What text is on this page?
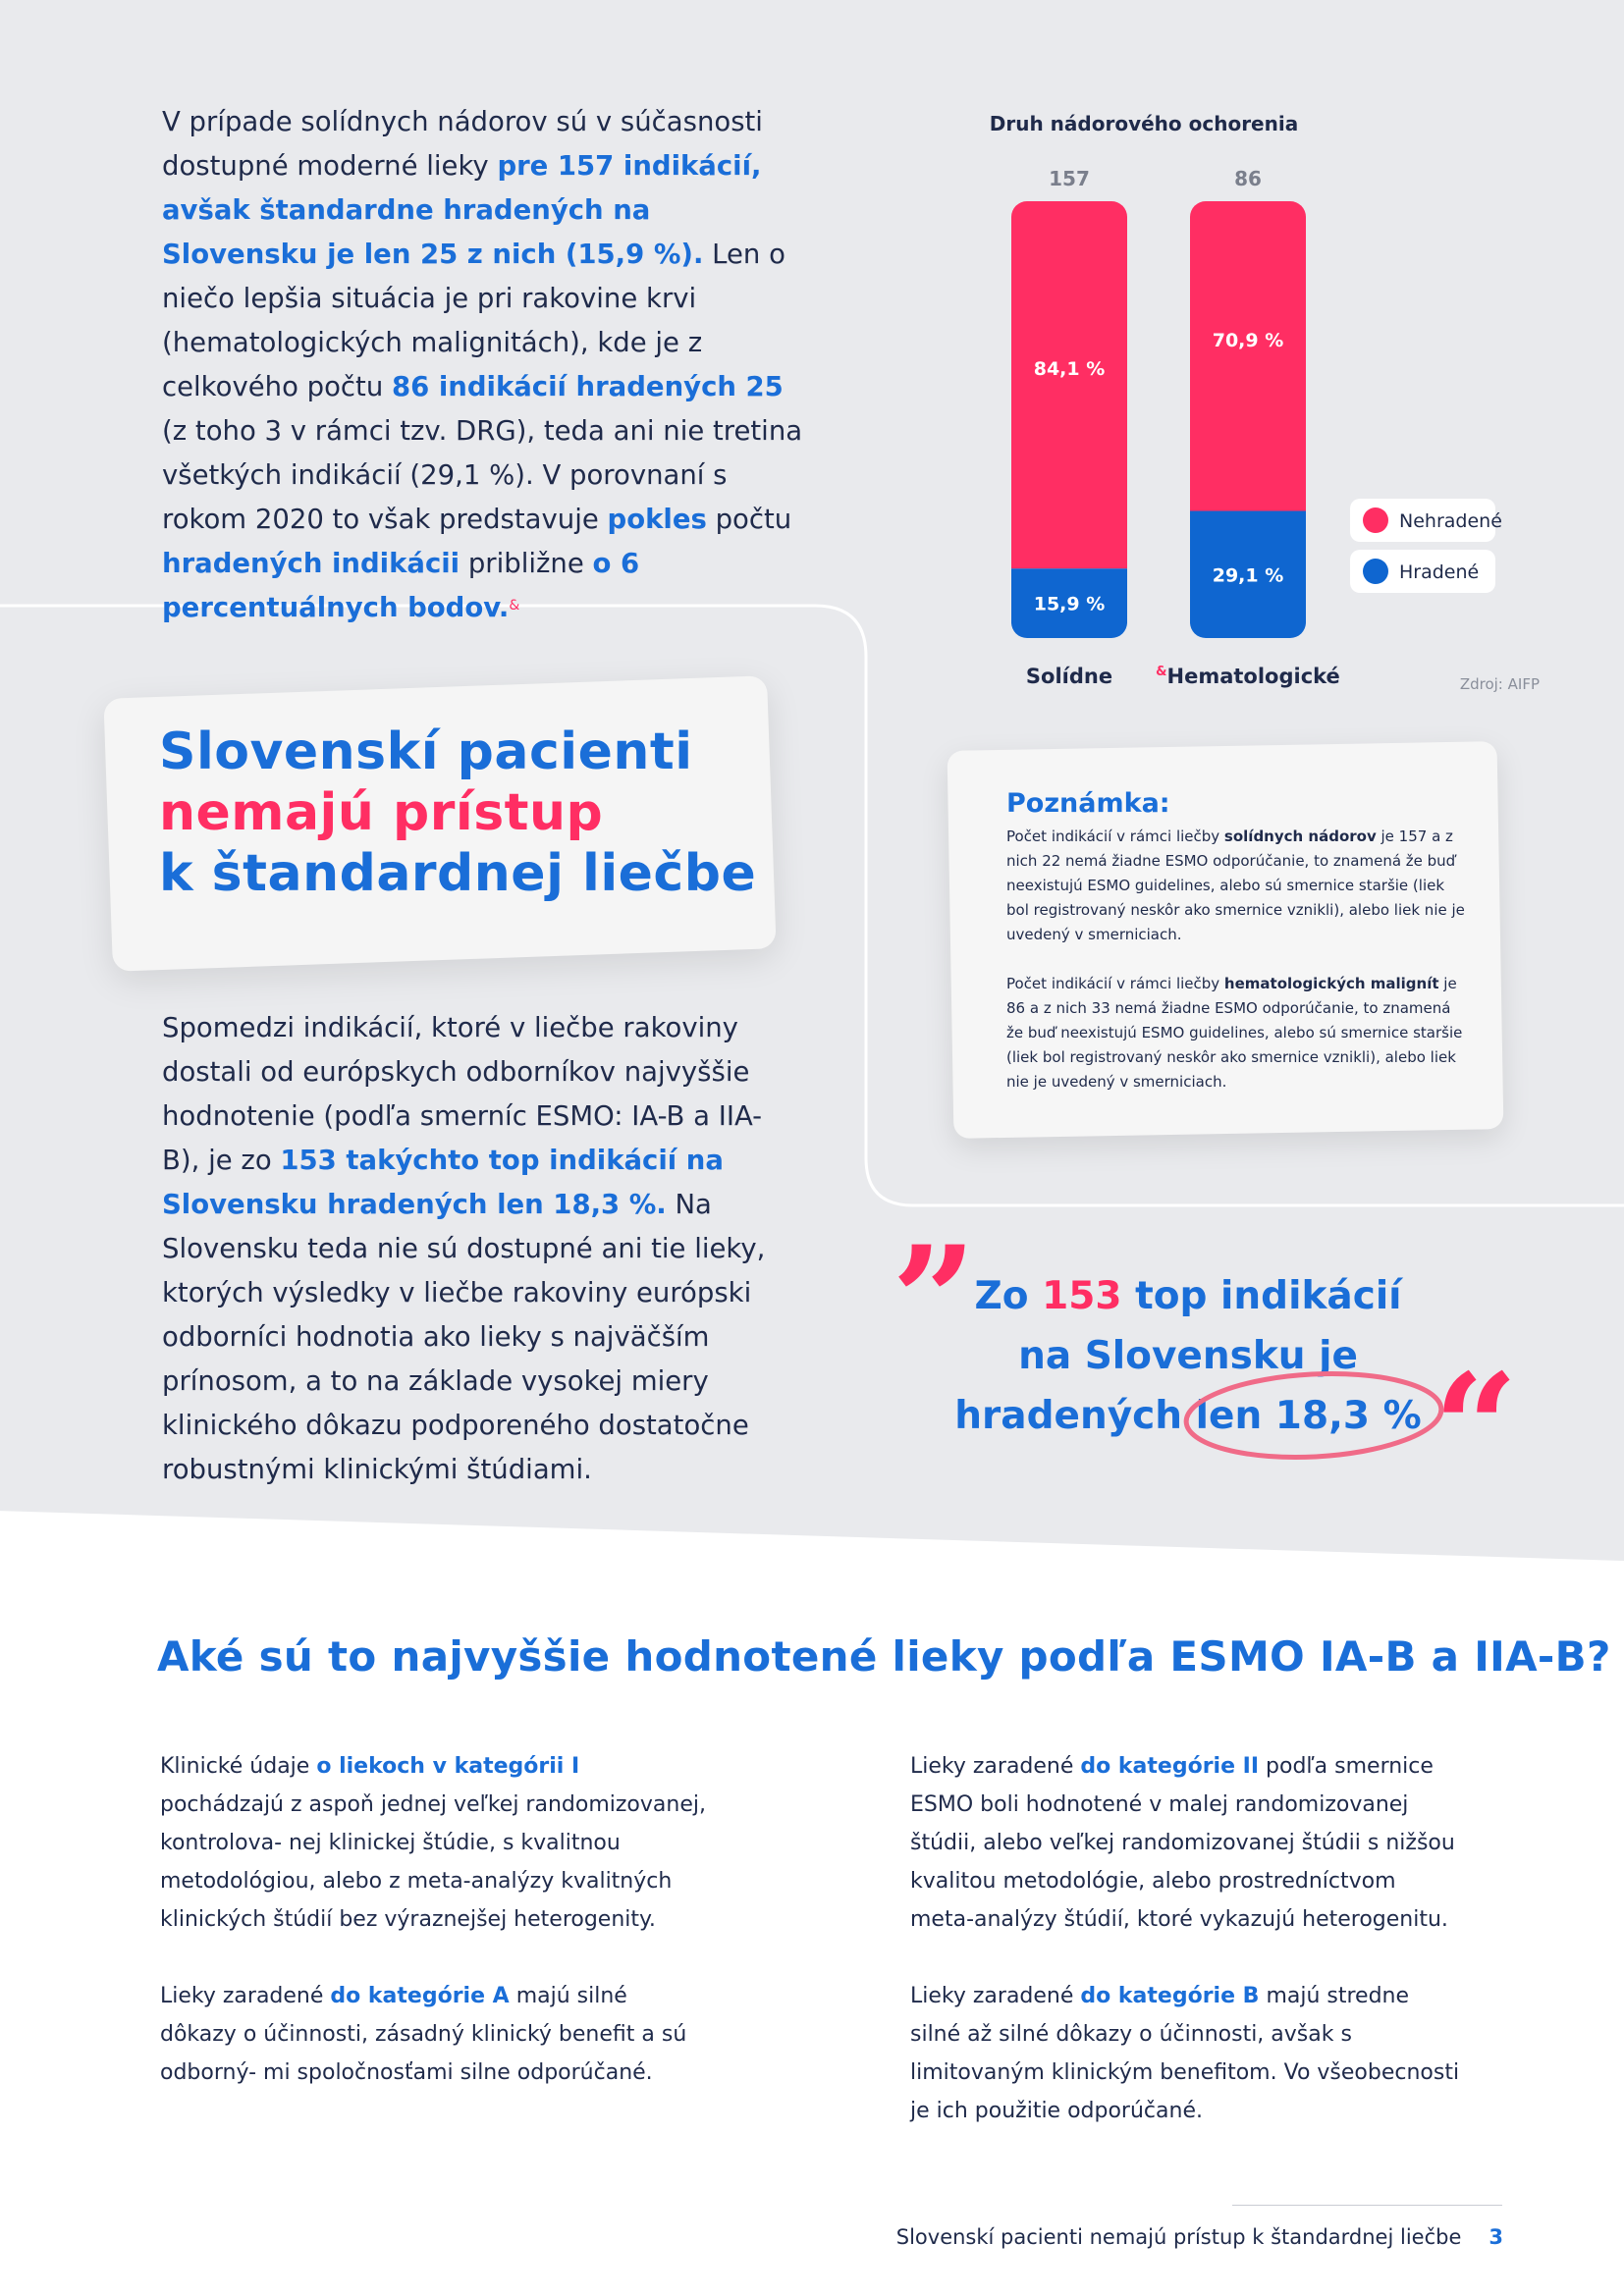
V prípade solídnych nádorov sú v súčasnosti dostupné moderné lieky pre 157 indikácií, avšak štandardne hradených na Slovensku je len 25 z nich (15,9 %). Len o niečo lepšia situácia je pri rakovine krvi (hematologických malignitách), kde je z celkového počtu 86 indikácií hradených 25 (z toho 3 v rámci tzv. DRG), teda ani nie tretina všetkých indikácií (29,1 %). V porovnaní s rokom 2020 to však predstavuje pokles počtu hradených indikácii približne o 6 percentuálnych bodov.&

Druh nádorového ochorenia
157
84,1 %
15,9 %
Solídne
86
70,9 %
29,1 %
&Hematologické
Nehradené
Hradené
Zdroj: AIFP
Slovenskí pacienti
nemajú prístup
k štandardnej liečbe

Spomedzi indikácií, ktoré v liečbe rakoviny dostali od európskych odborníkov najvyššie hodnotenie (podľa smerníc ESMO: IA-B a IIA-B), je zo 153 takýchto top indikácií na Slovensku hradených len 18,3 %. Na Slovensku teda nie sú dostupné ani tie lieky, ktorých výsledky v liečbe rakoviny európski odborníci hodnotia ako lieky s najväčším prínosom, a to na základe vysokej miery klinického dôkazu podporeného dostatočne robustnými klinickými štúdiami.

Poznámka:
Počet indikácií v rámci liečby solídnych nádorov je 157 a z nich 22 nemá žiadne ESMO odporúčanie, to znamená že buď neexistujú ESMO guidelines, alebo sú smernice staršie (liek bol registrovaný neskôr ako smernice vznikli), alebo liek nie je uvedený v smerniciach.
Počet indikácií v rámci liečby hematologických malignít je 86 a z nich 33 nemá žiadne ESMO odporúčanie, to znamená že buď neexistujú ESMO guidelines, alebo sú smernice staršie (liek bol registrovaný neskôr ako smernice vznikli), alebo liek nie je uvedený v smerniciach.
”
Zo 153 top indikácií na Slovensku je hradených len 18,3 % “
Aké sú to najvyššie hodnotené lieky podľa ESMO IA-B a IIA-B?
Klinické údaje o liekoch v kategórii I pochádzajú z aspoň jednej veľkej randomizovanej, kontrolova- nej klinickej štúdie, s kvalitnou metodológiou, alebo z meta-analýzy kvalitných klinických štúdií bez výraznejšej heterogenity.
Lieky zaradené do kategórie A majú silné dôkazy o účinnosti, zásadný klinický benefit a sú odborný- mi spoločnosťami silne odporúčané.
Lieky zaradené do kategórie II podľa smernice ESMO boli hodnotené v malej randomizovanej štúdii, alebo veľkej randomizovanej štúdii s nižšou kvalitou metodológie, alebo prostredníctvom meta-analýzy štúdií, ktoré vykazujú heterogenitu.
Lieky zaradené do kategórie B majú stredne silné až silné dôkazy o účinnosti, avšak s limitovaným klinickým benefitom. Vo všeobecnosti je ich použitie odporúčané.
Slovenskí pacienti nemajú prístup k štandardnej liečbe 3
